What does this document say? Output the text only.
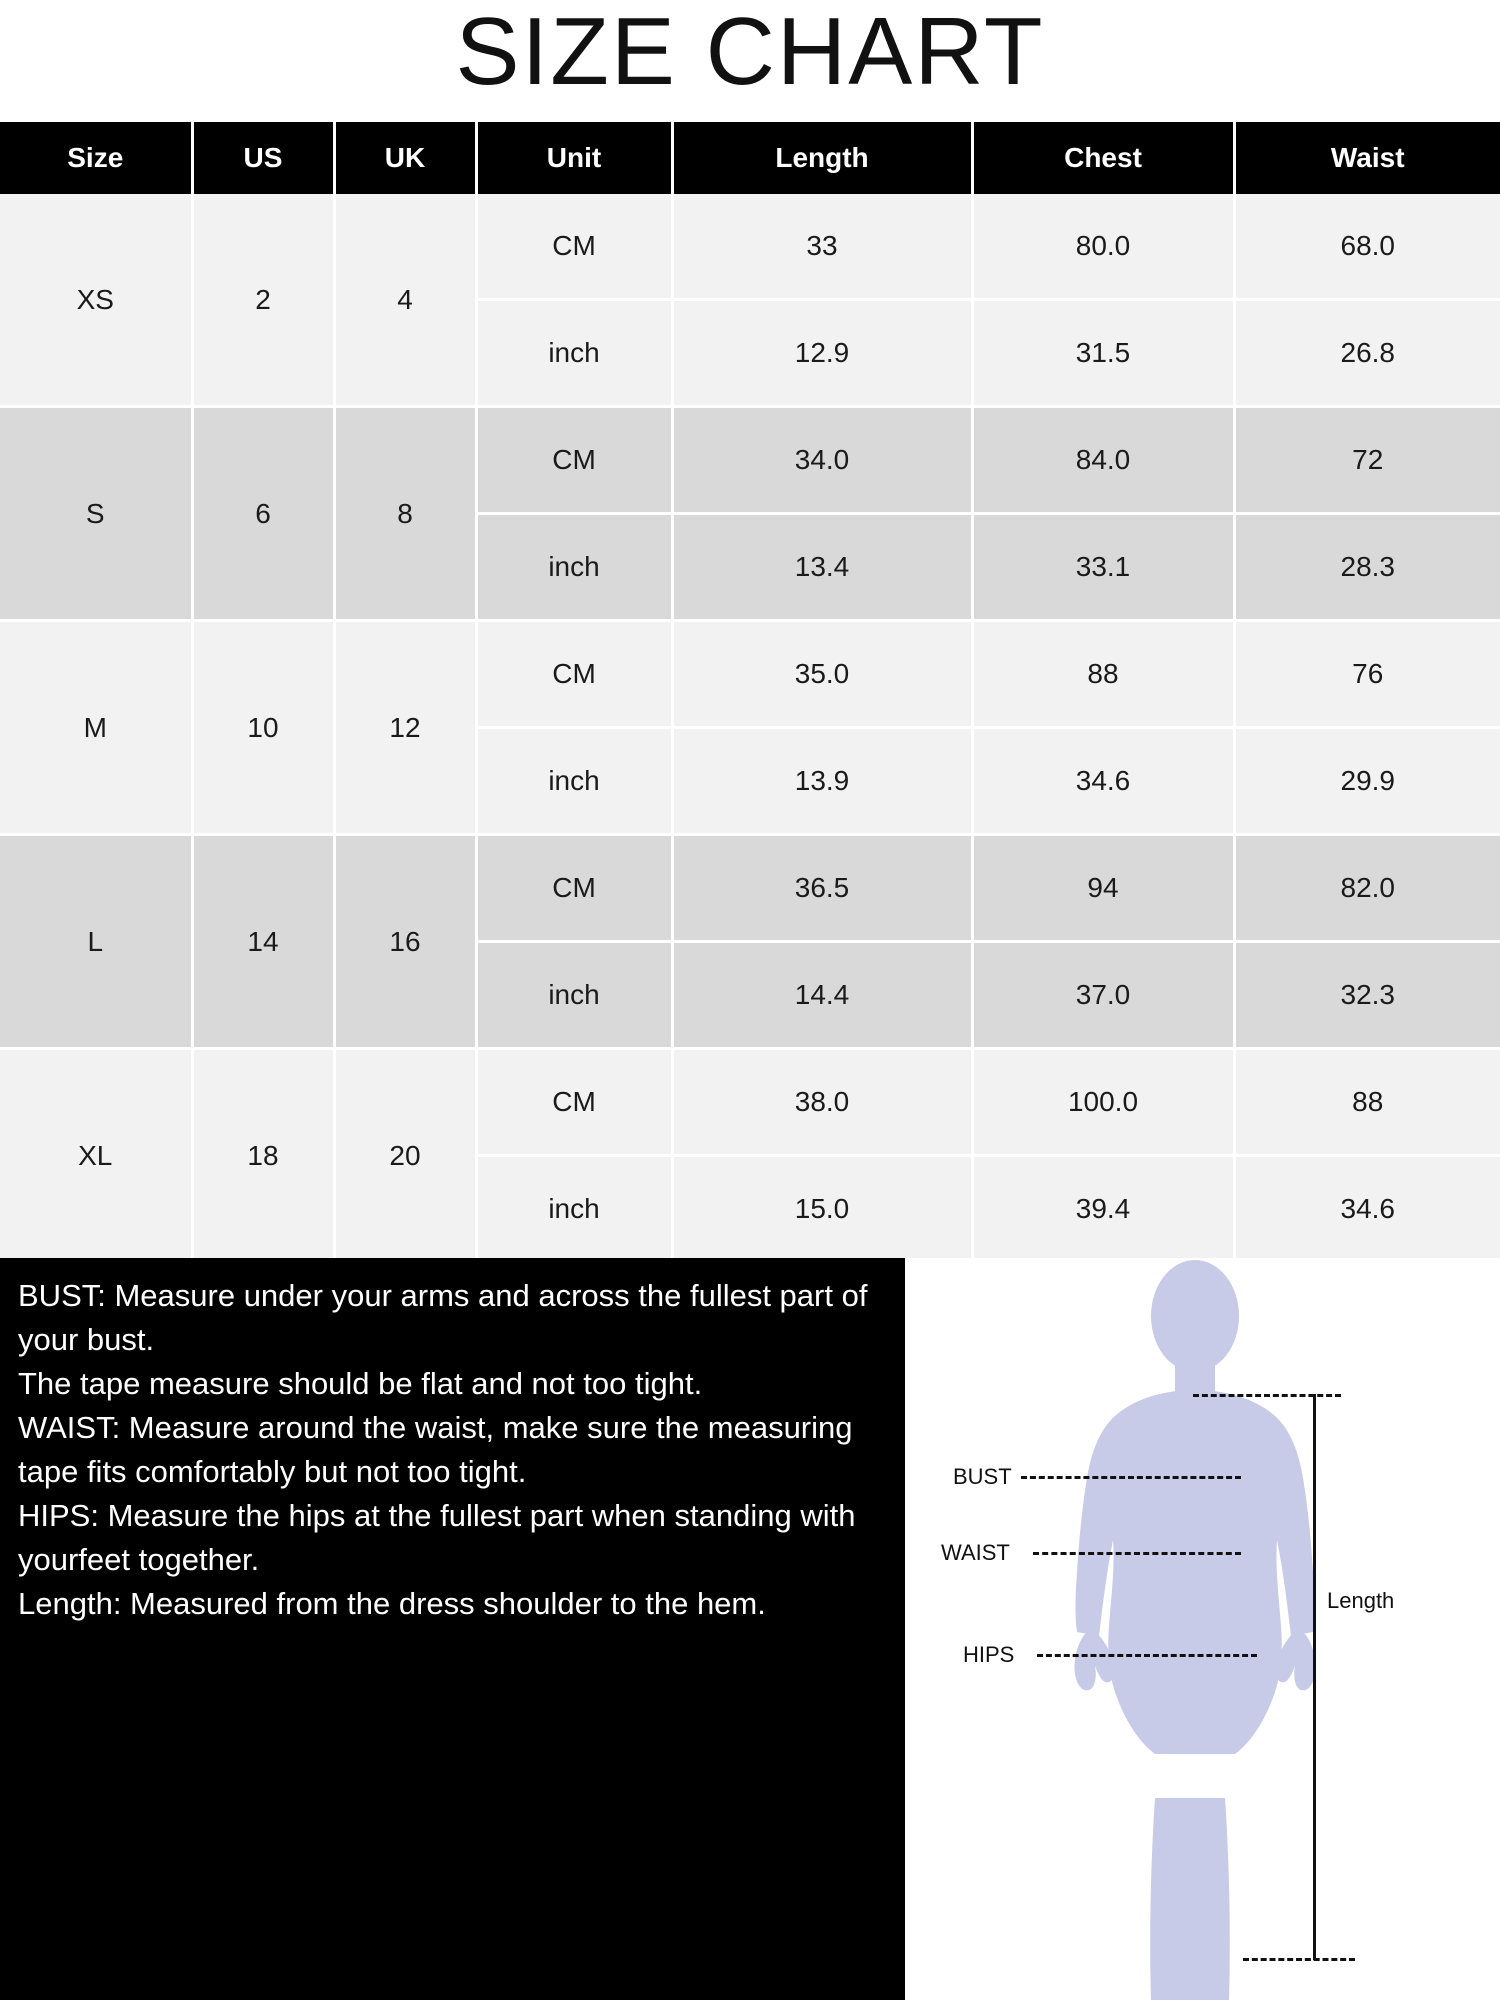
SIZE CHART
Size	US	UK	Unit	Length	Chest	Waist
XS	2	4	CM	33	80.0	68.0
			inch	12.9	31.5	26.8
S	6	8	CM	34.0	84.0	72
			inch	13.4	33.1	28.3
M	10	12	CM	35.0	88	76
			inch	13.9	34.6	29.9
L	14	16	CM	36.5	94	82.0
			inch	14.4	37.0	32.3
XL	18	20	CM	38.0	100.0	88
			inch	15.0	39.4	34.6

BUST: Measure under your arms and across the fullest part of your bust.

The tape measure should be flat and not too tight.

WAIST: Measure around the waist, make sure the measuring tape fits comfortably but not too tight.

HIPS: Measure the hips at the fullest part when standing with yourfeet together.

Length: Measured from the dress shoulder to the hem.

BUST
WAIST
HIPS
Length
